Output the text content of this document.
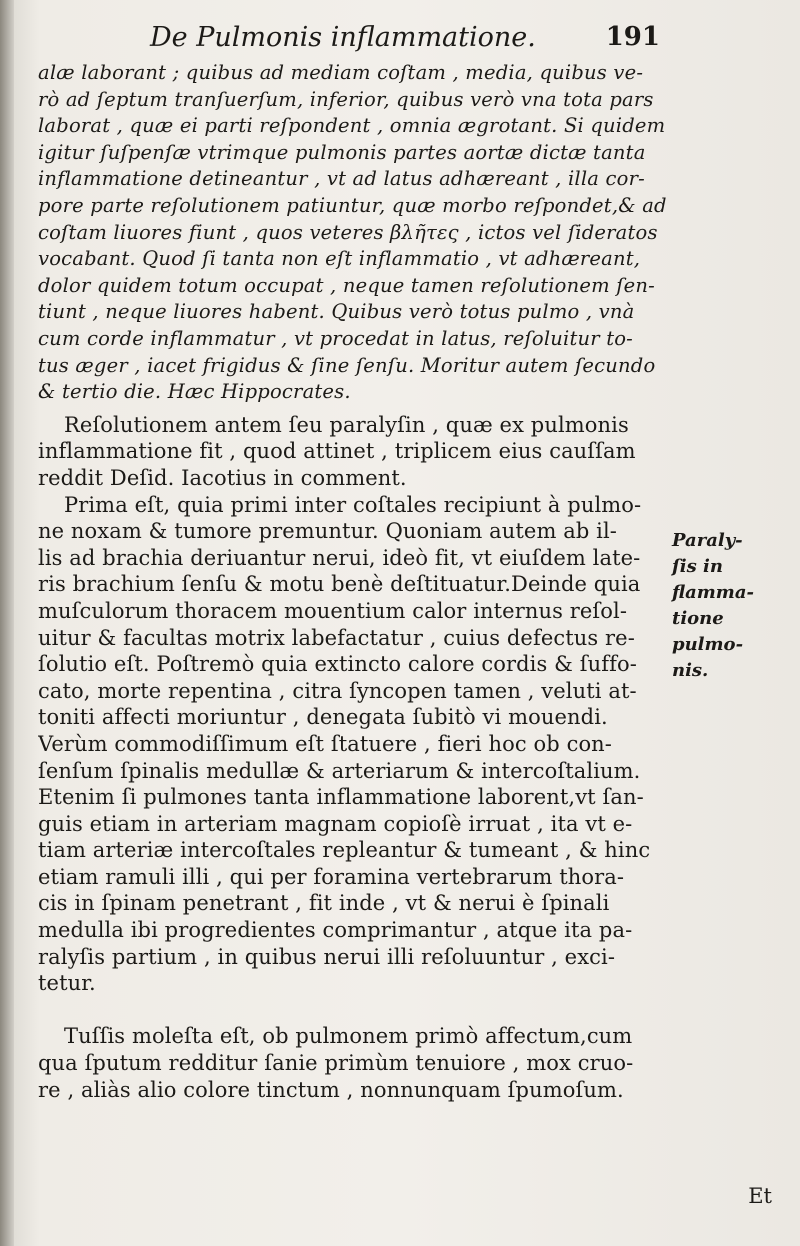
De Pulmonis inflammatione.	191
alæ laborant ; quibus ad mediam coſtam , media, quibus ve-
rò ad ſeptum tranſuerſum, inferior, quibus verò vna tota pars
laborat , quæ ei parti reſpondent , omnia ægrotant. Si quidem
igitur ſuſpenſæ vtrimque pulmonis partes aortæ dictæ tanta
inflammatione detineantur , vt ad latus adhæreant , illa cor-
pore parte reſolutionem patiuntur, quæ morbo reſpondet,& ad
coſtam liuores fiunt , quos veteres βλῆτες , ictos vel ſideratos
vocabant. Quod ſi tanta non eſt inflammatio , vt adhæreant,
dolor quidem totum occupat , neque tamen reſolutionem ſen-
tiunt , neque liuores habent. Quibus verò totus pulmo , vnà
cum corde inflammatur , vt procedat in latus, reſoluitur to-
tus æger , iacet frigidus & ſine ſenſu. Moritur autem ſecundo
& tertio die. Hæc Hippocrates.
Reſolutionem antem ſeu paralyſin , quæ ex pulmonis
inflammatione fit , quod attinet , triplicem eius cauſſam
reddit Deſid. Iacotius in comment.
Prima eſt, quia primi inter coſtales recipiunt à pulmo-
ne noxam & tumore premuntur. Quoniam autem ab il-
lis ad brachia deriuantur nerui, ideò fit, vt eiuſdem late-
ris brachium ſenſu & motu benè deſtituatur.Deinde quia
muſculorum thoracem mouentium calor internus reſol-
uitur & facultas motrix labefactatur , cuius defectus re-
ſolutio eſt. Poſtremò quia extincto calore cordis & ſuffo-
cato, morte repentina , citra ſyncopen tamen , veluti at-
toniti affecti moriuntur , denegata ſubitò vi mouendi.
Verùm commodiſſimum eſt ſtatuere , fieri hoc ob con-
ſenſum ſpinalis medullæ & arteriarum & intercoſtalium.
Etenim ſi pulmones tanta inflammatione laborent,vt ſan-
guis etiam in arteriam magnam copioſè irruat , ita vt e-
tiam arteriæ intercoſtales repleantur & tumeant , & hinc
etiam ramuli illi , qui per foramina vertebrarum thora-
cis in ſpinam penetrant , fit inde , vt & nerui è ſpinali
medulla ibi progredientes comprimantur , atque ita pa-
ralyſis partium , in quibus nerui illi reſoluuntur , exci-
tetur.
Tuſſis moleſta eſt, ob pulmonem primò affectum,cum
qua ſputum redditur ſanie primùm tenuiore , mox cruo-
re , aliàs alio colore tinctum , nonnunquam ſpumoſum.
Paraly-
ſis in
flamma-
tione
pulmo-
nis.
Et
